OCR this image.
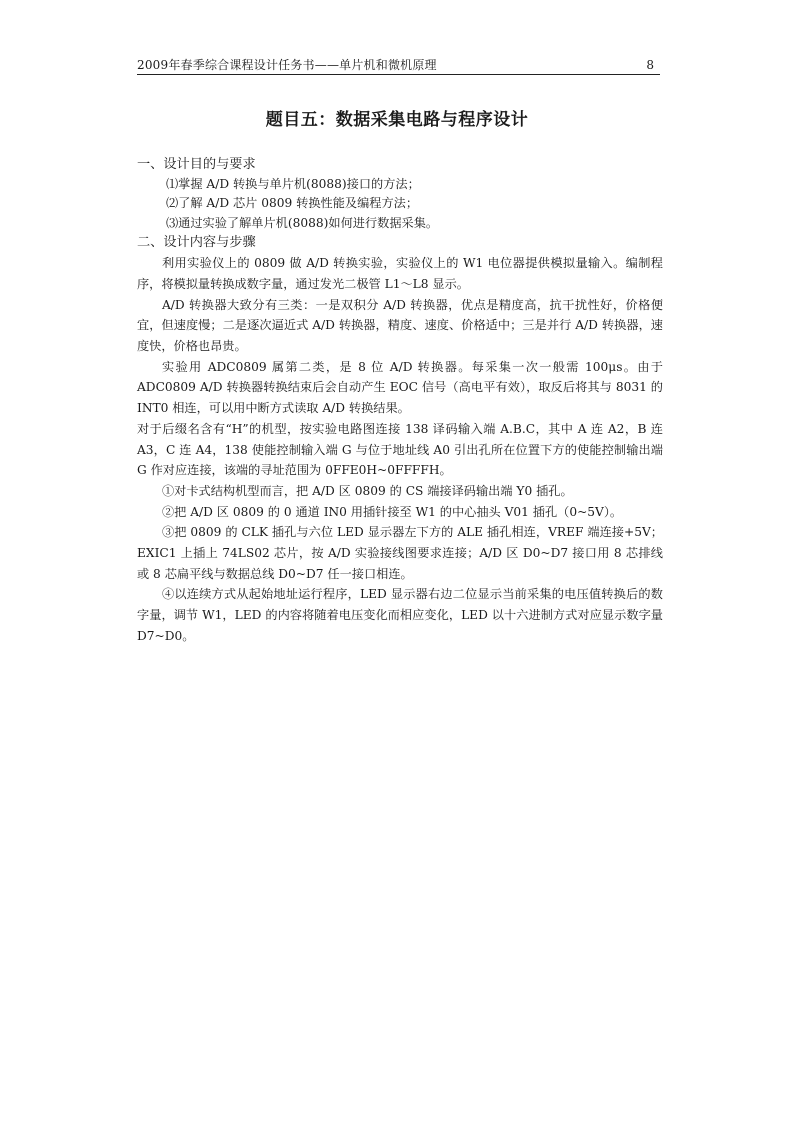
2009年春季综合课程设计任务书——单片机和微机原理	8
题目五：数据采集电路与程序设计

一、设计目的与要求

⑴掌握 A/D 转换与单片机(8088)接口的方法；

⑵了解 A/D 芯片 0809 转换性能及编程方法；

⑶通过实验了解单片机(8088)如何进行数据采集。

二、设计内容与步骤

利用实验仪上的 0809 做 A/D 转换实验，实验仪上的 W1 电位器提供模拟量输入。编制程序，将模拟量转换成数字量，通过发光二极管 L1～L8 显示。

A/D 转换器大致分有三类：一是双积分 A/D 转换器，优点是精度高，抗干扰性好，价格便宜，但速度慢；二是逐次逼近式 A/D 转换器，精度、速度、价格适中；三是并行 A/D 转换器，速度快，价格也昂贵。

实验用 ADC0809 属第二类，是 8 位 A/D 转换器。每采集一次一般需 100μs。由于 ADC0809 A/D 转换器转换结束后会自动产生 EOC 信号（高电平有效），取反后将其与 8031 的 INT0 相连，可以用中断方式读取 A/D 转换结果。

对于后缀名含有“H”的机型，按实验电路图连接 138 译码输入端 A.B.C，其中 A 连 A2，B 连 A3，C 连 A4，138 使能控制输入端 G 与位于地址线 A0 引出孔所在位置下方的使能控制输出端 G 作对应连接，该端的寻址范围为 0FFE0H~0FFFFH。

①对卡式结构机型而言，把 A/D 区 0809 的 CS 端接译码输出端 Y0 插孔。

②把 A/D 区 0809 的 0 通道 IN0 用插针接至 W1 的中心抽头 V01 插孔（0~5V）。

③把 0809 的 CLK 插孔与六位 LED 显示器左下方的 ALE 插孔相连，VREF 端连接+5V；EXIC1 上插上 74LS02 芯片，按 A/D 实验接线图要求连接；A/D 区 D0~D7 接口用 8 芯排线或 8 芯扁平线与数据总线 D0~D7 任一接口相连。

④以连续方式从起始地址运行程序，LED 显示器右边二位显示当前采集的电压值转换后的数字量，调节 W1，LED 的内容将随着电压变化而相应变化，LED 以十六进制方式对应显示数字量 D7~D0。
